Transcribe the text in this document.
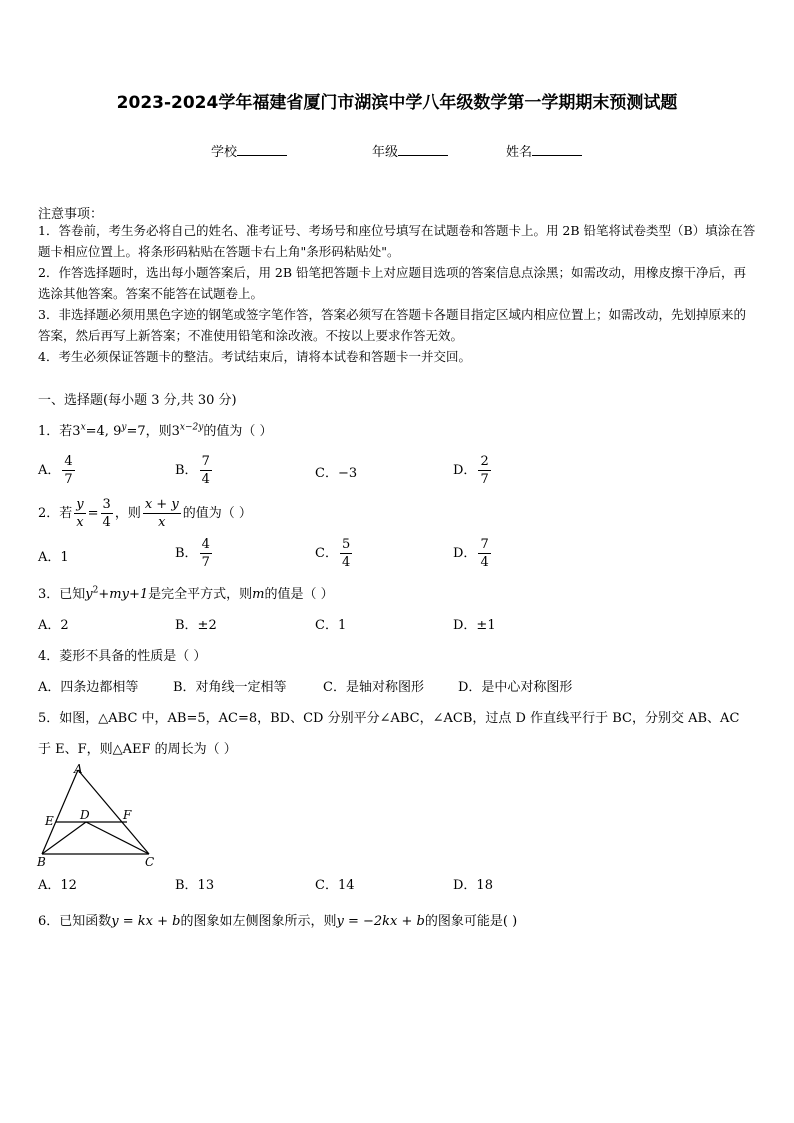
2023-2024学年福建省厦门市湖滨中学八年级数学第一学期期末预测试题
学校	年级	姓名
注意事项：
1．答卷前，考生务必将自己的姓名、准考证号、考场号和座位号填写在试题卷和答题卡上。用 2B 铅笔将试卷类型（B）填涂在答题卡相应位置上。将条形码粘贴在答题卡右上角"条形码粘贴处"。
2．作答选择题时，选出每小题答案后，用 2B 铅笔把答题卡上对应题目选项的答案信息点涂黑；如需改动，用橡皮擦干净后，再选涂其他答案。答案不能答在试题卷上。
3．非选择题必须用黑色字迹的钢笔或签字笔作答，答案必须写在答题卡各题目指定区域内相应位置上；如需改动，先划掉原来的答案，然后再写上新答案；不准使用铅笔和涂改液。不按以上要求作答无效。
4．考生必须保证答题卡的整洁。考试结束后，请将本试卷和答题卡一并交回。
一、选择题(每小题 3 分,共 30 分)
1．若$3^x=4$, $9^y=7$，则$3^{x-2y}$的值为（ ）
A． $\frac{4}{7}$	B． $\frac{7}{4}$	C．−3	D． $\frac{2}{7}$
2．若 $\frac{y}{x} = \frac{3}{4}$ ，则 $\frac{x + y}{x}$ 的值为（ ）
A．1	B． $\frac{4}{7}$	C． $\frac{5}{4}$	D． $\frac{7}{4}$
3．已知$y^2+my+1$是完全平方式，则m的值是（ ）
A．2	B．±2	C．1	D．±1
4．菱形不具备的性质是（ ）
A．四条边都相等	B．对角线一定相等	C．是轴对称图形	D．是中心对称图形
5．如图，△ABC 中，AB=5，AC=8，BD、CD 分别平分∠ABC，∠ACB，过点 D 作直线平行于 BC，分别交 AB、AC
于 E、F，则△AEF 的周长为（ ）
A
B	C
D
E	F
A．12	B．13	C．14	D．18
6．已知函数y = kx + b的图象如左侧图象所示，则y = −2kx + b的图象可能是( )
